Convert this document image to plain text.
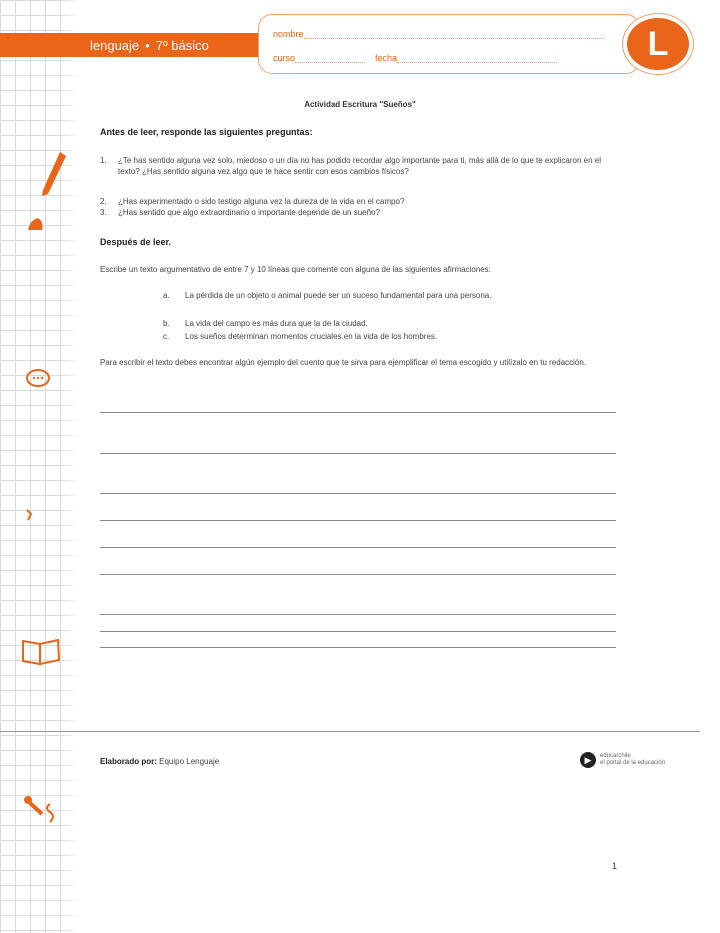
lenguaje • 7º básico
nombre
curso	fecha	L
Actividad Escritura "Sueños"
Antes de leer, responde las siguientes preguntas:
1. ¿Te has sentido alguna vez solo, miedoso o un día no has podido recordar algo importante para ti, más allá de lo que te explicaron en el texto? ¿Has sentido alguna vez algo que te hace sentir con esos cambios físicos?
2. ¿Has experimentado o sido testigo alguna vez la dureza de la vida en el campo?
3. ¿Has sentido que algo extraordinario o importante depende de un sueño?
Después de leer.
Escribe un texto argumentativo de entre 7 y 10 líneas que comente con alguna de las siguientes afirmaciones:
a. La pérdida de un objeto o animal puede ser un suceso fundamental para una persona.
b. La vida del campo es más dura que la de la ciudad.
c. Los sueños determinan momentos cruciales en la vida de los hombres.
Para escribir el texto debes encontrar algún ejemplo del cuento que te sirva para ejemplificar el tema escogido y utilízalo en tu redacción.
Elaborado por: Equipo Lenguaje	▶	educarchile
el portal de la educación
1
